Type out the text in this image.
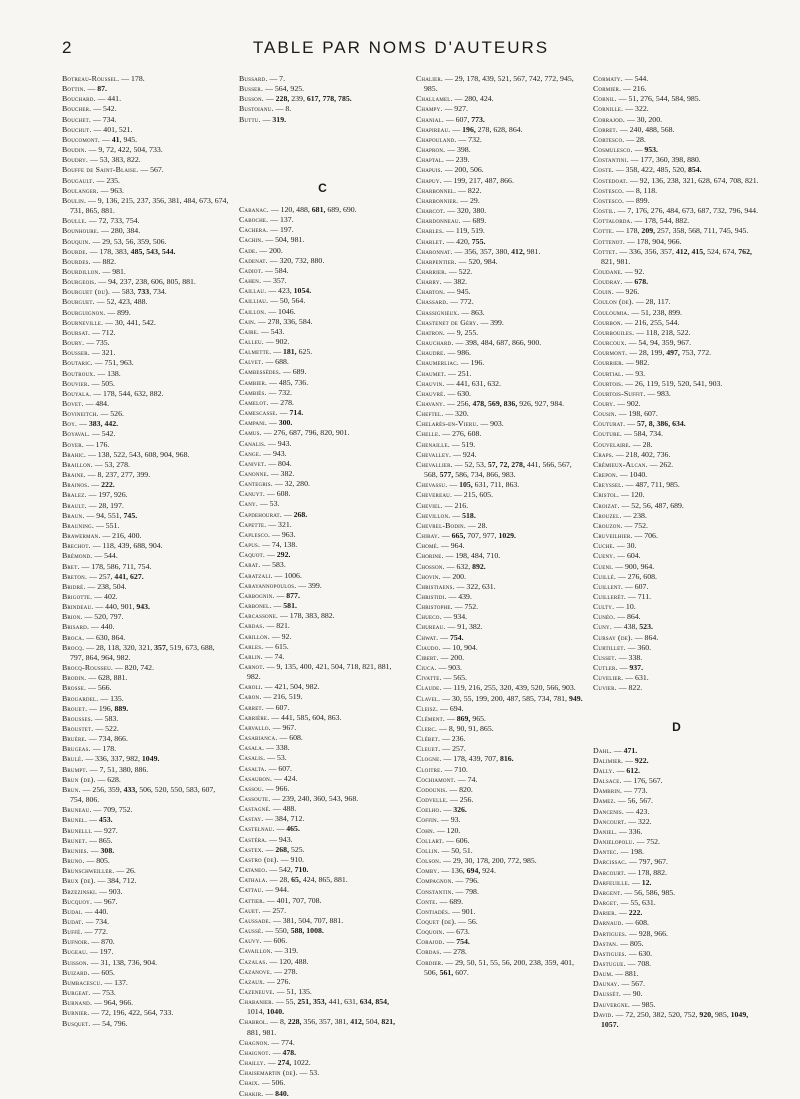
2	TABLE PAR NOMS D'AUTEURS
Botreau-Roussel. — 178.
Bottin. — 87.
Bouchard. — 441.
Boucher. — 542.
Bouchet. — 734.
Bouchut. — 401, 521.
Boucomont. — 41, 945.
Boudin. — 9, 72, 422, 504, 733.
Boudry. — 53, 383, 822.
Bouffe de Saint-Blaise. — 567.
Bougault. — 235.
Boulanger. — 963.
Boulin. — 9, 136, 215, 237, 356, 381, 484, 673, 674, 731, 865, 881.
Boulle. — 72, 733, 754.
Bounhoure. — 280, 384.
Bouquin. — 29, 53, 56, 359, 506.
Bourde. — 178, 383, 485, 543, 544.
Bourdes. — 882.
Bourdillon. — 981.
Bourgeois. — 94, 237, 238, 606, 805, 881.
Bourguet (du). — 583, 733, 734.
Bourguet. — 52, 423, 488.
Bourguignon. — 899.
Bourneville. — 30, 441, 542.
Boursat. — 712.
Boury. — 735.
Bousser. — 321.
Boutaric. — 751, 963.
Boutroux. — 138.
Bouvier. — 505.
Bouyala. — 178, 544, 632, 882.
Bovet. — 484.
Bovineitch. — 526.
Boy. — 383, 442.
Boyaval. — 542.
Boyer. — 176.
Brahic. — 138, 522, 543, 608, 904, 968.
Braillon. — 53, 278.
Braine. — 8, 237, 277, 399.
Brainos. — 222.
Bralez. — 197, 926.
Brault. — 28, 197.
Braun. — 94, 551, 745.
Brauning. — 551.
Brawerman. — 216, 400.
Brechot. — 118, 439, 688, 904.
Brémond. — 544.
Bret. — 178, 586, 711, 754.
Breton. — 257, 441, 627.
Bridré. — 238, 504.
Brigotte. — 402.
Brindeau. — 440, 901, 943.
Brion. — 520, 797.
Brisard. — 440.
Broca. — 630, 864.
Brocq. — 28, 118, 320, 321, 357, 519, 673, 688, 797, 864, 964, 982.
Brocq-Rousseu. — 820, 742.
Brodin. — 628, 881.
Brosse. — 566.
Brouardel. — 135.
Brouet. — 196, 889.
Brousses. — 583.
Broustet. — 522.
Bruère. — 734, 866.
Brugeas. — 178.
Brulé. — 336, 337, 982, 1049.
Brumpt. — 7, 51, 380, 886.
Brun (de). — 628.
Brun. — 256, 359, 433, 506, 520, 550, 583, 607, 754, 806.
Bruneau. — 709, 752.
Brunel. — 453.
Brunelli. — 927.
Brunet. — 865.
Brunies. — 308.
Bruno. — 805.
Brunschweiller. — 26.
Brux (de). — 384, 712.
Brzezinski. — 903.
Bucquoy. — 967.
Budai. — 440.
Budat. — 734.
Buffé. — 772.
Bufnoir. — 870.
Bugeau. — 197.
Buisson. — 31, 138, 736, 904.
Buizard. — 605.
Bumbacescu. — 137.
Burgeat. — 753.
Burnand. — 964, 966.
Burnier. — 72, 196, 422, 564, 733.
Busquet. — 54, 796.
Bussard. — 7.
Busser. — 564, 925.
Busson. — 228, 239, 617, 778, 785.
Bustoianu. — 8.
Buttu. — 319.
C
Cabanac. — 120, 488, 681, 689, 690.
Caboche. — 137.
Cachera. — 197.
Cachin. — 504, 981.
Cade. — 200.
Cadenat. — 320, 732, 880.
Cadiot. — 584.
Cahen. — 357.
Caillau. — 423, 1054.
Cailliau. — 50, 564.
Caillon. — 1046.
Cain. — 278, 336, 584.
Caire. — 543.
Calleu. — 902.
Calmette. — 181, 625.
Calvet. — 688.
Cambessèdes. — 689.
Cambier. — 485, 736.
Cambiès. — 732.
Camelot. — 278.
Camescasse. — 714.
Campani. — 300.
Camus. — 276, 687, 796, 820, 901.
Canalis. — 943.
Cange. — 943.
Canivet. — 804.
Canonne. — 382.
Cantegris. — 32, 280.
Canuyt. — 608.
Cany. — 53.
Capdehourat. — 268.
Capette. — 321.
Caplesco. — 963.
Capus. — 74, 138.
Caquot. — 292.
Carat. — 583.
Caratzali. — 1006.
Carayannopoulos. — 399.
Carbognin. — 877.
Carbonel. — 581.
Carcassone. — 178, 383, 882.
Cardas. — 821.
Carillon. — 92.
Carles. — 615.
Carlin. — 74.
Carnot. — 9, 135, 400, 421, 504, 718, 821, 881, 982.
Caroli. — 421, 504, 982.
Caron. — 216, 519.
Carret. — 607.
Carrière. — 441, 585, 604, 863.
Carvallo. — 967.
Casabianca. — 608.
Casala. — 338.
Casalis. — 53.
Casalta. — 607.
Casaubon. — 424.
Cassou. — 966.
Cassoute. — 239, 240, 360, 543, 968.
Castagné. — 488.
Castay. — 384, 712.
Castelnau. — 465.
Castéra. — 943.
Castex. — 268, 525.
Castro (de). — 910.
Cataneo. — 542, 710.
Cathala. — 28, 65, 424, 865, 881.
Cattau. — 944.
Cattier. — 401, 707, 708.
Cauet. — 257.
Caussade. — 381, 504, 707, 881.
Caussé. — 550, 588, 1008.
Cauvy. — 606.
Cavaillon. — 319.
Cazalas. — 120, 488.
Cazanove. — 278.
Cazaux. — 276.
Cazeneuve. — 51, 135.
Chabanier. — 55, 251, 353, 441, 631, 634, 854, 1014, 1040.
Chabrol. — 8, 228, 356, 357, 381, 412, 504, 821, 881, 981.
Chagnon. — 774.
Chaignot. — 478.
Chailly. — 274, 1022.
Chaisemartin (de). — 53.
Chaix. — 506.
Chakir. — 840.
Chalier. — 29, 178, 439, 521, 567, 742, 772, 945, 985.
Challamel. — 280, 424.
Champy. — 927.
Chanial. — 607, 773.
Chapireau. — 196, 278, 628, 864.
Chapouland. — 732.
Chapron. — 398.
Chaptal. — 239.
Chapuis. — 200, 506.
Chapuy. — 199, 217, 487, 866.
Charbonnel. — 822.
Charbonnier. — 29.
Charcot. — 320, 380.
Chardonneau. — 689.
Charles. — 119, 519.
Charlet. — 420, 755.
Charonnat. — 356, 357, 380, 412, 981.
Charpentier. — 520, 984.
Charrier. — 522.
Charry. — 382.
Charton. — 945.
Chassard. — 772.
Chassignieux. — 863.
Chastenet de Géry. — 399.
Chatron. — 9, 255.
Chauchard. — 398, 484, 687, 866, 900.
Chaudre. — 986.
Chaumerliac. — 196.
Chaumet. — 251.
Chauvin. — 441, 631, 632.
Chauvré. — 630.
Chavany. — 256, 478, 569, 836, 926, 927, 984.
Cheftel. — 320.
Chelarès-en-Vieru. — 903.
Chelle. — 276, 608.
Chenaille. — 519.
Chevalley. — 924.
Chevallier. — 52, 53, 57, 72, 278, 441, 566, 567, 568, 577, 586, 734, 866, 983.
Chevassu. — 105, 631, 711, 863.
Chevereau. — 215, 605.
Cheviel. — 216.
Chevillon. — 518.
Chevrel-Bodin. — 28.
Chiray. — 665, 707, 977, 1029.
Chomé. — 964.
Chorine. — 198, 484, 710.
Chosson. — 632, 892.
Chovin. — 200.
Christiaens. — 322, 631.
Christidi. — 439.
Christophe. — 752.
Chueco. — 934.
Chureau. — 91, 382.
Chwat. — 754.
Ciaudo. — 10, 904.
Cibert. — 200.
Ciuca. — 903.
Civatte. — 565.
Claude. — 119, 216, 255, 320, 439, 520, 566, 903.
Clavel. — 30, 55, 199, 200, 487, 585, 734, 781, 949.
Cleisz. — 694.
Clément. — 869, 965.
Clerc. — 8, 90, 91, 865.
Clébet. — 236.
Cleuet. — 257.
Clogne. — 178, 439, 707, 816.
Cloitre. — 710.
Cochiamont. — 74.
Codounis. — 820.
Codvelle. — 256.
Coelho. — 326.
Coffin. — 93.
Cohn. — 120.
Collart. — 606.
Collin. — 50, 51.
Colson. — 29, 30, 178, 200, 772, 985.
Comby. — 136, 694, 924.
Compagnon. — 796.
Constantin. — 798.
Conte. — 689.
Contiadès. — 901.
Coquet (de). — 56.
Coquoin. — 673.
Corajod. — 754.
Cordas. — 278.
Cordier. — 29, 50, 51, 55, 56, 200, 238, 359, 401, 506, 561, 607.
Cormaty. — 544.
Cormier. — 216.
Cornil. — 51, 276, 544, 584, 985.
Cornille. — 322.
Corrajod. — 30, 200.
Corret. — 240, 488, 568.
Cortesco. — 28.
Cosmulesco. — 953.
Costantini. — 177, 360, 398, 880.
Coste. — 358, 422, 485, 520, 854.
Costedoat. — 92, 136, 238, 321, 628, 674, 708, 821.
Costesco. — 8, 118.
Costesco. — 899.
Costil. — 7, 176, 276, 484, 673, 687, 732, 796, 944.
Cottalorda. — 178, 544, 882.
Cotte. — 178, 209, 257, 358, 568, 711, 745, 945.
Cottenot. — 178, 904, 966.
Cottet. — 336, 356, 357, 412, 415, 524, 674, 762, 821, 981.
Coudane. — 92.
Coudray. — 678.
Couin. — 926.
Coulon (de). — 28, 117.
Couloumia. — 51, 238, 899.
Courbon. — 216, 255, 544.
Courbouiles. — 118, 218, 522.
Courcoux. — 54, 94, 359, 967.
Courmont. — 28, 199, 497, 753, 772.
Courrier. — 982.
Courtial. — 93.
Courtois. — 26, 119, 519, 520, 541, 903.
Courtois-Suffit. — 983.
Coury. — 902.
Cousin. — 198, 607.
Couturat. — 57, 8, 386, 634.
Couture. — 584, 734.
Couvelaire. — 28.
Craps. — 218, 402, 736.
Crémieux-Alcan. — 262.
Crepon. — 1040.
Creyssel. — 487, 711, 985.
Cristol. — 120.
Croizat. — 52, 56, 487, 689.
Crouzel. — 238.
Crouzon. — 752.
Cruveilhier. — 706.
Cuche. — 30.
Cueny. — 604.
Cueni. — 900, 964.
Cuillé. — 276, 608.
Cuillent. — 607.
Cuillerét. — 711.
Culty. — 10.
Cunéo. — 864.
Cuny. — 438, 523.
Cursay (de). — 864.
Curtillet. — 360.
Cusset. — 338.
Cutler. — 937.
Cuvelier. — 631.
Cuvier. — 822.
D
Dahl. — 471.
Dalimier. — 922.
Dally. — 612.
Dalsace. — 176, 567.
Dambrin. — 773.
Damez. — 56, 567.
Dancenis. — 423.
Dancourt. — 322.
Daniel. — 336.
Danielopolu. — 752.
Dantec. — 198.
Darcissac. — 797, 967.
Darcourt. — 178, 882.
Darfeuille. — 12.
Dargent. — 56, 586, 985.
Darget. — 55, 631.
Darier. — 222.
Darnaud. — 608.
Dartigues. — 928, 966.
Dastan. — 805.
Dastigues. — 630.
Dastugue. — 708.
Daum. — 881.
Daunay. — 567.
Daussét. — 90.
Dauvergne. — 985.
David. — 72, 250, 382, 520, 752, 920, 985, 1049, 1057.
